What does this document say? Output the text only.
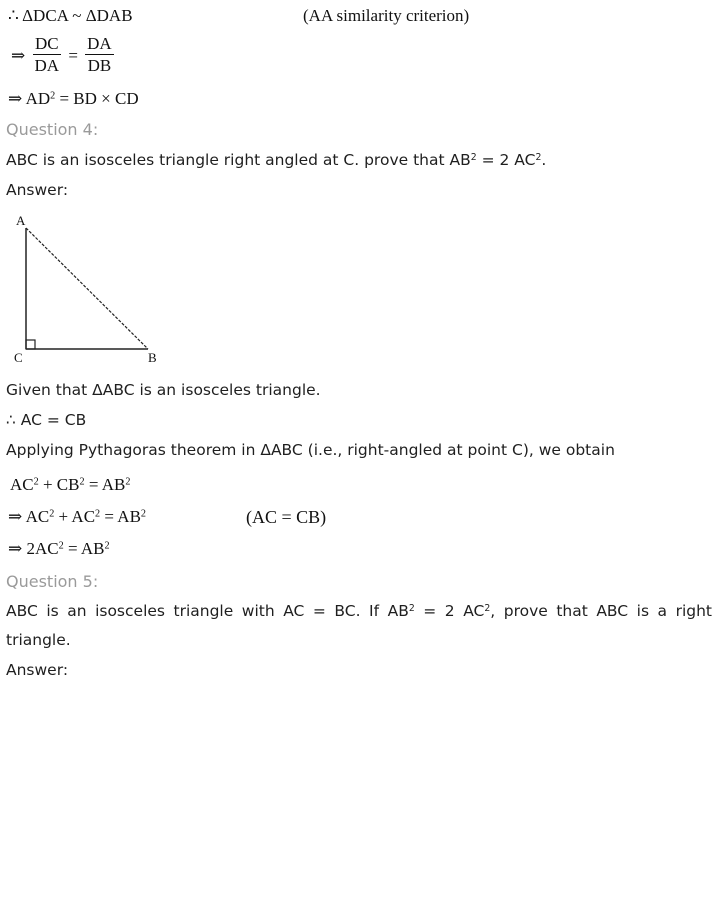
∴ ΔDCA ~ ΔDAB	(AA similarity criterion)
⇒ $\frac{DC}{DA} = \frac{DA}{DB}$
⇒ $AD^2$ = BD × CD
Question 4:
ABC is an isosceles triangle right angled at C. prove that $AB^2 = 2$ $AC^2$.
Answer:
A
C	B
Given that ΔABC is an isosceles triangle.
∴ AC = CB
Applying Pythagoras theorem in ΔABC (i.e., right-angled at point C), we obtain
$AC^2 + CB^2 = AB^2$
⇒ $AC^2 + AC^2 = AB^2$	(AC = CB)
⇒ $2AC^2 = AB^2$
Question 5:
ABC is an isosceles triangle with AC = BC. If $AB^2 = 2$ $AC^2$, prove that ABC is a right triangle.
Answer:
